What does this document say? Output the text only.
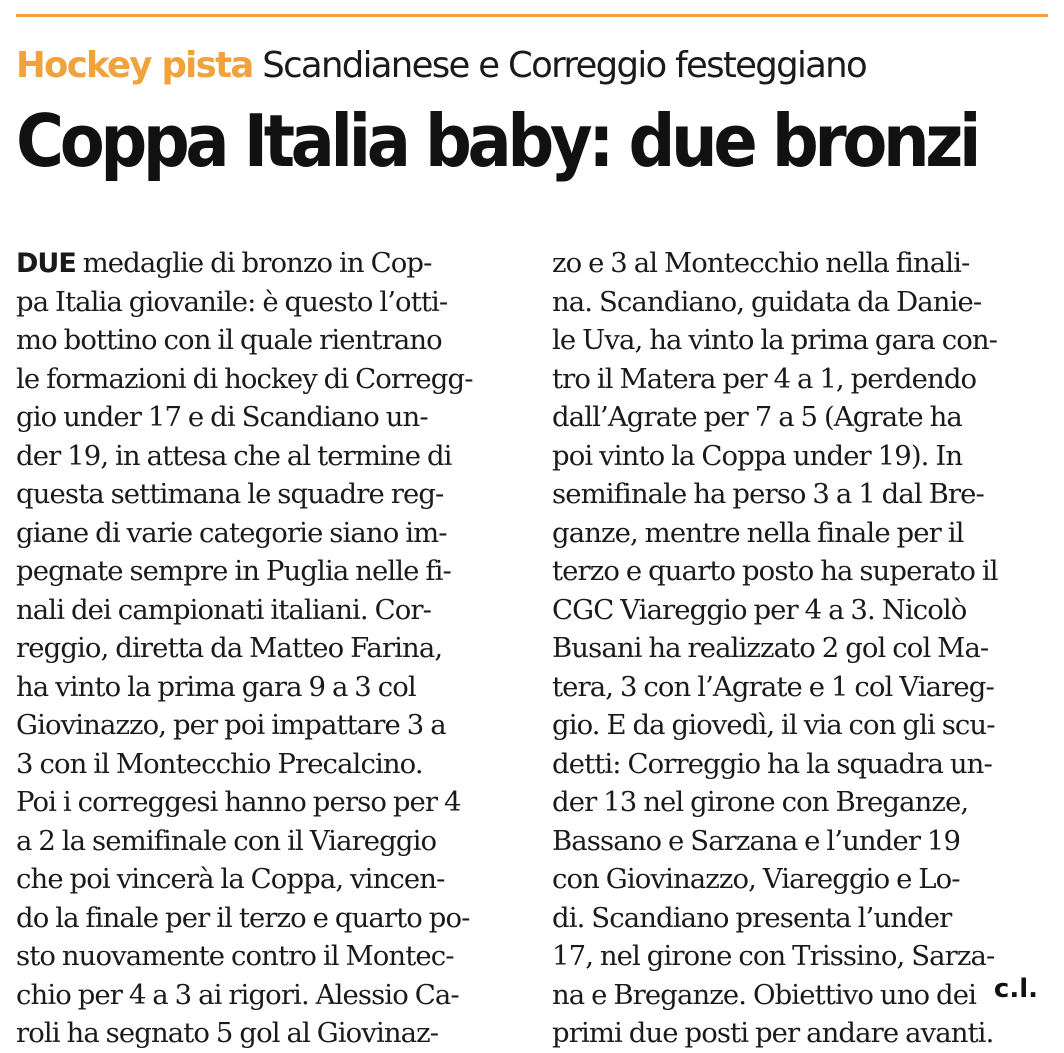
Hockey pista Scandianese e Correggio festeggiano
Coppa Italia baby: due bronzi
DUE medaglie di bronzo in Cop-
pa Italia giovanile: è questo l’otti-
mo bottino con il quale rientrano
le formazioni di hockey di Corregg-
gio under 17 e di Scandiano un-
der 19, in attesa che al termine di
questa settimana le squadre reg-
giane di varie categorie siano im-
pegnate sempre in Puglia nelle fi-
nali dei campionati italiani. Cor-
reggio, diretta da Matteo Farina,
ha vinto la prima gara 9 a 3 col
Giovinazzo, per poi impattare 3 a
3 con il Montecchio Precalcino.
Poi i correggesi hanno perso per 4
a 2 la semifinale con il Viareggio
che poi vincerà la Coppa, vincen-
do la finale per il terzo e quarto po-
sto nuovamente contro il Montec-
chio per 4 a 3 ai rigori. Alessio Ca-
roli ha segnato 5 gol al Giovinaz-
zo e 3 al Montecchio nella finali-
na. Scandiano, guidata da Danie-
le Uva, ha vinto la prima gara con-
tro il Matera per 4 a 1, perdendo
dall’Agrate per 7 a 5 (Agrate ha
poi vinto la Coppa under 19). In
semifinale ha perso 3 a 1 dal Bre-
ganze, mentre nella finale per il
terzo e quarto posto ha superato il
CGC Viareggio per 4 a 3. Nicolò
Busani ha realizzato 2 gol col Ma-
tera, 3 con l’Agrate e 1 col Viareg-
gio. E da giovedì, il via con gli scu-
detti: Correggio ha la squadra un-
der 13 nel girone con Breganze,
Bassano e Sarzana e l’under 19
con Giovinazzo, Viareggio e Lo-
di. Scandiano presenta l’under
17, nel girone con Trissino, Sarza-
na e Breganze. Obiettivo uno dei
primi due posti per andare avanti.
c.l.
